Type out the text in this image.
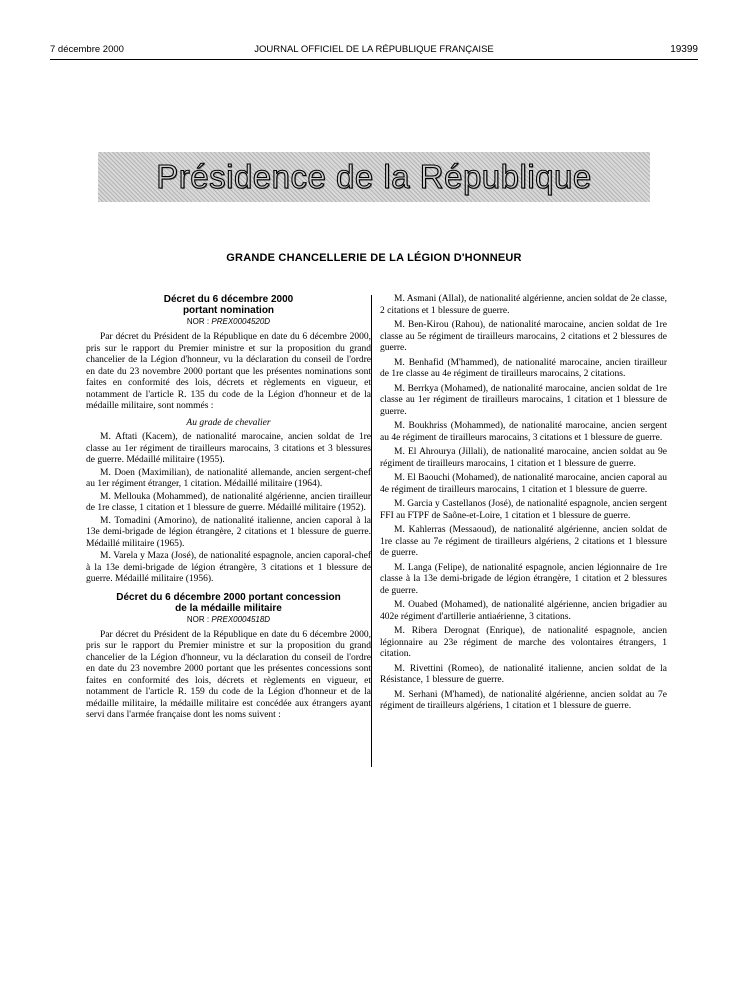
7 décembre 2000	JOURNAL OFFICIEL DE LA RÉPUBLIQUE FRANÇAISE	19399
Présidence de la République
GRANDE CHANCELLERIE DE LA LÉGION D'HONNEUR

Décret du 6 décembre 2000

portant nomination

NOR : PREX0004520D

Par décret du Président de la République en date du 6 décembre 2000, pris sur le rapport du Premier ministre et sur la proposition du grand chancelier de la Légion d'honneur, vu la déclaration du conseil de l'ordre en date du 23 novembre 2000 portant que les présentes nominations sont faites en conformité des lois, décrets et règlements en vigueur, et notamment de l'article R. 135 du code de la Légion d'honneur et de la médaille militaire, sont nommés :

Au grade de chevalier

M. Aftati (Kacem), de nationalité marocaine, ancien soldat de 1re classe au 1er régiment de tirailleurs marocains, 3 citations et 3 blessures de guerre. Médaillé militaire (1955).

M. Doen (Maximilian), de nationalité allemande, ancien sergent-chef au 1er régiment étranger, 1 citation. Médaillé militaire (1964).

M. Mellouka (Mohammed), de nationalité algérienne, ancien tirailleur de 1re classe, 1 citation et 1 blessure de guerre. Médaillé militaire (1952).

M. Tomadini (Amorino), de nationalité italienne, ancien caporal à la 13e demi-brigade de légion étrangère, 2 citations et 1 blessure de guerre. Médaillé militaire (1965).

M. Varela y Maza (José), de nationalité espagnole, ancien caporal-chef à la 13e demi-brigade de légion étrangère, 3 citations et 1 blessure de guerre. Médaillé militaire (1956).

Décret du 6 décembre 2000 portant concession

de la médaille militaire

NOR : PREX0004518D

Par décret du Président de la République en date du 6 décembre 2000, pris sur le rapport du Premier ministre et sur la proposition du grand chancelier de la Légion d'honneur, vu la déclaration du conseil de l'ordre en date du 23 novembre 2000 portant que les présentes concessions sont faites en conformité des lois, décrets et règlements en vigueur, et notamment de l'article R. 159 du code de la Légion d'honneur et de la médaille militaire, la médaille militaire est concédée aux étrangers ayant servi dans l'armée française dont les noms suivent :

M. Asmani (Allal), de nationalité algérienne, ancien soldat de 2e classe, 2 citations et 1 blessure de guerre.

M. Ben-Kirou (Rahou), de nationalité marocaine, ancien soldat de 1re classe au 5e régiment de tirailleurs marocains, 2 citations et 2 blessures de guerre.

M. Benhafid (M'hammed), de nationalité marocaine, ancien tirailleur de 1re classe au 4e régiment de tirailleurs marocains, 2 citations.

M. Berrkya (Mohamed), de nationalité marocaine, ancien soldat de 1re classe au 1er régiment de tirailleurs marocains, 1 citation et 1 blessure de guerre.

M. Boukhriss (Mohammed), de nationalité marocaine, ancien sergent au 4e régiment de tirailleurs marocains, 3 citations et 1 blessure de guerre.

M. El Ahrourya (Jillali), de nationalité marocaine, ancien soldat au 9e régiment de tirailleurs marocains, 1 citation et 1 blessure de guerre.

M. El Baouchi (Mohamed), de nationalité marocaine, ancien caporal au 4e régiment de tirailleurs marocains, 1 citation et 1 blessure de guerre.

M. Garcia y Castellanos (José), de nationalité espagnole, ancien sergent FFI au FTPF de Saône-et-Loire, 1 citation et 1 blessure de guerre.

M. Kahlerras (Messaoud), de nationalité algérienne, ancien soldat de 1re classe au 7e régiment de tirailleurs algériens, 2 citations et 1 blessure de guerre.

M. Langa (Felipe), de nationalité espagnole, ancien légionnaire de 1re classe à la 13e demi-brigade de légion étrangère, 1 citation et 2 blessures de guerre.

M. Ouabed (Mohamed), de nationalité algérienne, ancien brigadier au 402e régiment d'artillerie antiaérienne, 3 citations.

M. Ribera Derognat (Enrique), de nationalité espagnole, ancien légionnaire au 23e régiment de marche des volontaires étrangers, 1 citation.

M. Rivettini (Romeo), de nationalité italienne, ancien soldat de la Résistance, 1 blessure de guerre.

M. Serhani (M'hamed), de nationalité algérienne, ancien soldat au 7e régiment de tirailleurs algériens, 1 citation et 1 blessure de guerre.
